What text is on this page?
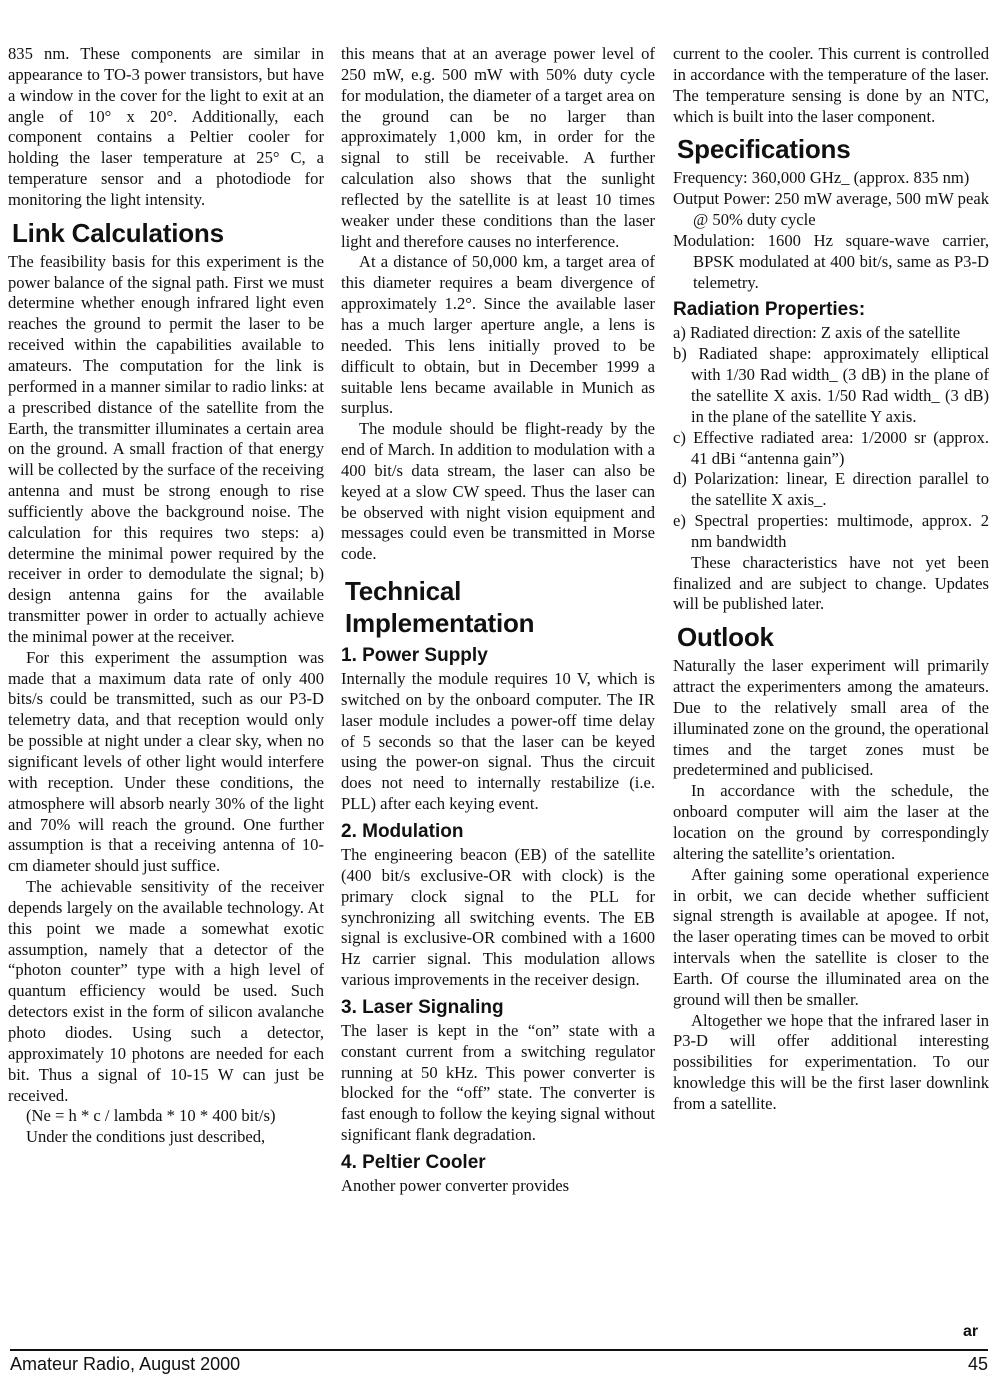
835 nm. These components are similar in appearance to TO-3 power transistors, but have a window in the cover for the light to exit at an angle of 10° x 20°. Additionally, each component contains a Peltier cooler for holding the laser temperature at 25° C, a temperature sensor and a photodiode for monitoring the light intensity.

Link Calculations

The feasibility basis for this experiment is the power balance of the signal path. First we must determine whether enough infrared light even reaches the ground to permit the laser to be received within the capabilities available to amateurs. The computation for the link is performed in a manner similar to radio links: at a prescribed distance of the satellite from the Earth, the transmitter illuminates a certain area on the ground. A small fraction of that energy will be collected by the surface of the receiving antenna and must be strong enough to rise sufficiently above the background noise. The calculation for this requires two steps: a) determine the minimal power required by the receiver in order to demodulate the signal; b) design antenna gains for the available transmitter power in order to actually achieve the minimal power at the receiver.

For this experiment the assumption was made that a maximum data rate of only 400 bits/s could be transmitted, such as our P3-D telemetry data, and that reception would only be possible at night under a clear sky, when no significant levels of other light would interfere with reception. Under these conditions, the atmosphere will absorb nearly 30% of the light and 70% will reach the ground. One further assumption is that a receiving antenna of 10-cm diameter should just suffice.

The achievable sensitivity of the receiver depends largely on the available technology. At this point we made a somewhat exotic assumption, namely that a detector of the “photon counter” type with a high level of quantum efficiency would be used. Such detectors exist in the form of silicon avalanche photo diodes. Using such a detector, approximately 10 photons are needed for each bit. Thus a signal of 10-15 W can just be received.

(Ne = h * c / lambda * 10 * 400 bit/s)

Under the conditions just described,

this means that at an average power level of 250 mW, e.g. 500 mW with 50% duty cycle for modulation, the diameter of a target area on the ground can be no larger than approximately 1,000 km, in order for the signal to still be receivable. A further calculation also shows that the sunlight reflected by the satellite is at least 10 times weaker under these conditions than the laser light and therefore causes no interference.

At a distance of 50,000 km, a target area of this diameter requires a beam divergence of approximately 1.2°. Since the available laser has a much larger aperture angle, a lens is needed. This lens initially proved to be difficult to obtain, but in December 1999 a suitable lens became available in Munich as surplus.

The module should be flight-ready by the end of March. In addition to modulation with a 400 bit/s data stream, the laser can also be keyed at a slow CW speed. Thus the laser can be observed with night vision equipment and messages could even be transmitted in Morse code.

Technical
Implementation
1. Power Supply

Internally the module requires 10 V, which is switched on by the onboard computer. The IR laser module includes a power-off time delay of 5 seconds so that the laser can be keyed using the power-on signal. Thus the circuit does not need to internally restabilize (i.e. PLL) after each keying event.

2. Modulation

The engineering beacon (EB) of the satellite (400 bit/s exclusive-OR with clock) is the primary clock signal to the PLL for synchronizing all switching events. The EB signal is exclusive-OR combined with a 1600 Hz carrier signal. This modulation allows various improvements in the receiver design.

3. Laser Signaling

The laser is kept in the “on” state with a constant current from a switching regulator running at 50 kHz. This power converter is blocked for the “off” state. The converter is fast enough to follow the keying signal without significant flank degradation.

4. Peltier Cooler

Another power converter provides

current to the cooler. This current is controlled in accordance with the temperature of the laser. The temperature sensing is done by an NTC, which is built into the laser component.

Specifications

Frequency: 360,000 GHz_ (approx. 835 nm)

Output Power: 250 mW average, 500 mW peak @ 50% duty cycle

Modulation: 1600 Hz square-wave carrier, BPSK modulated at 400 bit/s, same as P3-D telemetry.

Radiation Properties:

a) Radiated direction: Z axis of the satellite

b) Radiated shape: approximately elliptical with 1/30 Rad width_ (3 dB) in the plane of the satellite X axis. 1/50 Rad width_ (3 dB) in the plane of the satellite Y axis.

c) Effective radiated area: 1/2000 sr (approx. 41 dBi “antenna gain”)

d) Polarization: linear, E direction parallel to the satellite X axis_.

e) Spectral properties: multimode, approx. 2 nm bandwidth

These characteristics have not yet been finalized and are subject to change. Updates will be published later.

Outlook

Naturally the laser experiment will primarily attract the experimenters among the amateurs. Due to the relatively small area of the illuminated zone on the ground, the operational times and the target zones must be predetermined and publicised.

In accordance with the schedule, the onboard computer will aim the laser at the location on the ground by correspondingly altering the satellite’s orientation.

After gaining some operational experience in orbit, we can decide whether sufficient signal strength is available at apogee. If not, the laser operating times can be moved to orbit intervals when the satellite is closer to the Earth. Of course the illuminated area on the ground will then be smaller.

Altogether we hope that the infrared laser in P3-D will offer additional interesting possibilities for experimentation. To our knowledge this will be the first laser downlink from a satellite.

ar
Amateur Radio, August 2000	45
